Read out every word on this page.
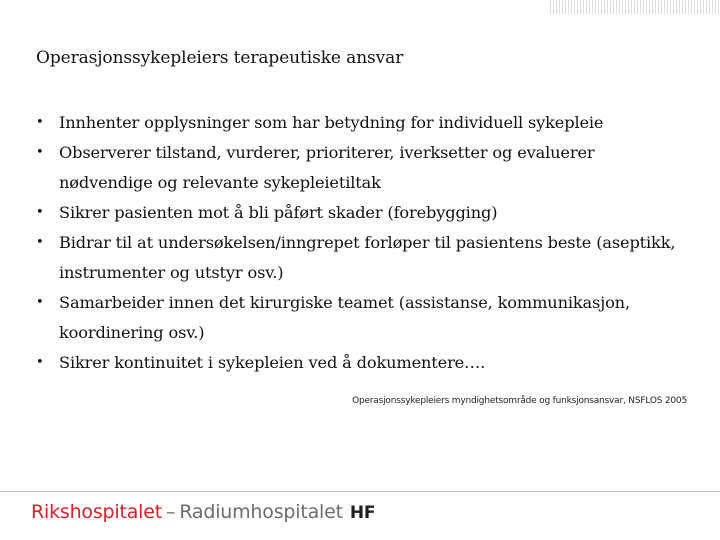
Operasjonssykepleiers terapeutiske ansvar
• Innhenter opplysninger som har betydning for individuell sykepleie
• Observerer tilstand, vurderer, prioriterer, iverksetter og evaluerer nødvendige og relevante sykepleietiltak
• Sikrer pasienten mot å bli påført skader (forebygging)
• Bidrar til at undersøkelsen/inngrepet forløper til pasientens beste (aseptikk, instrumenter og utstyr osv.)
• Samarbeider innen det kirurgiske teamet (assistanse, kommunikasjon, koordinering osv.)
• Sikrer kontinuitet i sykepleien ved å dokumentere….
Operasjonssykepleiers myndighetsområde og funksjonsansvar, NSFLOS 2005
Rikshospitalet – Radiumhospitalet HF
